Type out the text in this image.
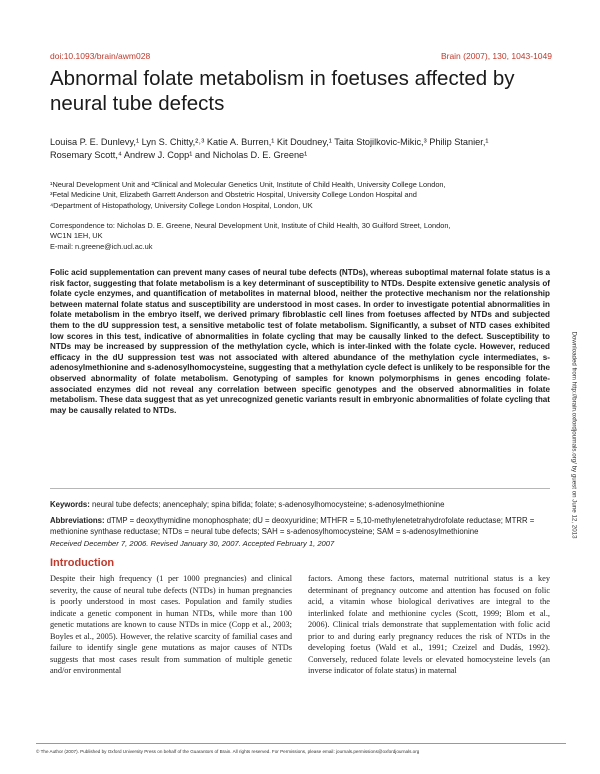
doi:10.1093/brain/awm028	Brain (2007), 130, 1043-1049
Abnormal folate metabolism in foetuses affected by neural tube defects
Louisa P. E. Dunlevy,¹ Lyn S. Chitty,²˒³ Katie A. Burren,¹ Kit Doudney,¹ Taita Stojilkovic-Mikic,³ Philip Stanier,¹
Rosemary Scott,⁴ Andrew J. Copp¹ and Nicholas D. E. Greene¹
¹Neural Development Unit and ²Clinical and Molecular Genetics Unit, Institute of Child Health, University College London,
³Fetal Medicine Unit, Elizabeth Garrett Anderson and Obstetric Hospital, University College London Hospital and
⁴Department of Histopathology, University College London Hospital, London, UK
Correspondence to: Nicholas D. E. Greene, Neural Development Unit, Institute of Child Health, 30 Guilford Street, London,
WC1N 1EH, UK
E-mail: n.greene@ich.ucl.ac.uk
Folic acid supplementation can prevent many cases of neural tube defects (NTDs), whereas suboptimal maternal folate status is a risk factor, suggesting that folate metabolism is a key determinant of susceptibility to NTDs. Despite extensive genetic analysis of folate cycle enzymes, and quantification of metabolites in maternal blood, neither the protective mechanism nor the relationship between maternal folate status and susceptibility are understood in most cases. In order to investigate potential abnormalities in folate metabolism in the embryo itself, we derived primary fibroblastic cell lines from foetuses affected by NTDs and subjected them to the dU suppression test, a sensitive metabolic test of folate metabolism. Significantly, a subset of NTD cases exhibited low scores in this test, indicative of abnormalities in folate cycling that may be causally linked to the defect. Susceptibility to NTDs may be increased by suppression of the methylation cycle, which is inter-linked with the folate cycle. However, reduced efficacy in the dU suppression test was not associated with altered abundance of the methylation cycle intermediates, s-adenosylmethionine and s-adenosylhomocysteine, suggesting that a methylation cycle defect is unlikely to be responsible for the observed abnormality of folate metabolism. Genotyping of samples for known polymorphisms in genes encoding folate-associated enzymes did not reveal any correlation between specific genotypes and the observed abnormalities in folate metabolism. These data suggest that as yet unrecognized genetic variants result in embryonic abnormalities of folate cycling that may be causally related to NTDs.
Keywords: neural tube defects; anencephaly; spina bifida; folate; s-adenosylhomocysteine; s-adenosylmethionine
Abbreviations: dTMP = deoxythymidine monophosphate; dU = deoxyuridine; MTHFR = 5,10-methylenetetrahydrofolate reductase; MTRR = methionine synthase reductase; NTDs = neural tube defects; SAH = s-adenosylhomocysteine; SAM = s-adenosylmethionine
Received December 7, 2006. Revised January 30, 2007. Accepted February 1, 2007
Introduction
Despite their high frequency (1 per 1000 pregnancies) and clinical severity, the cause of neural tube defects (NTDs) in human pregnancies is poorly understood in most cases. Population and family studies indicate a genetic component in human NTDs, while more than 100 genetic mutations are known to cause NTDs in mice (Copp et al., 2003; Boyles et al., 2005). However, the relative scarcity of familial cases and failure to identify single gene mutations as major causes of NTDs suggests that most cases result from summation of multiple genetic and/or environmental
factors. Among these factors, maternal nutritional status is a key determinant of pregnancy outcome and attention has focused on folic acid, a vitamin whose biological derivatives are integral to the interlinked folate and methionine cycles (Scott, 1999; Blom et al., 2006). Clinical trials demonstrate that supplementation with folic acid prior to and during early pregnancy reduces the risk of NTDs in the developing foetus (Wald et al., 1991; Czeizel and Dudás, 1992). Conversely, reduced folate levels or elevated homocysteine levels (an inverse indicator of folate status) in maternal
© The Author (2007). Published by Oxford University Press on behalf of the Guarantors of Brain. All rights reserved. For Permissions, please email: journals.permissions@oxfordjournals.org
Downloaded from http://brain.oxfordjournals.org/ by guest on June 12, 2013
